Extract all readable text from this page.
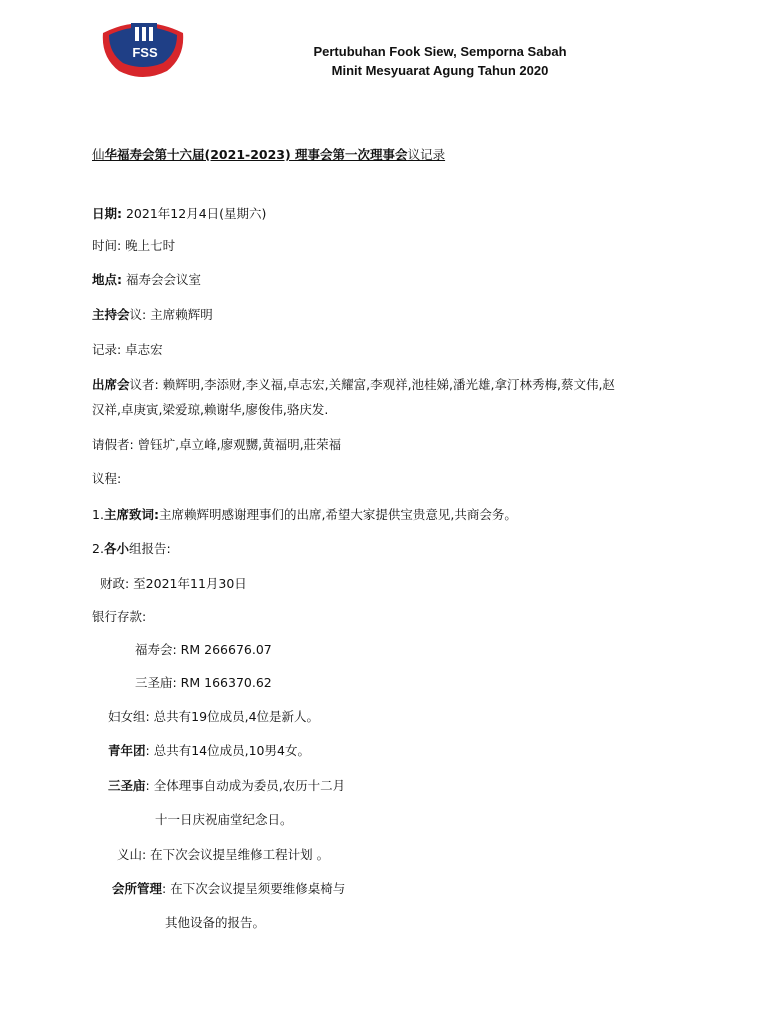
FSS	Pertubuhan Fook Siew, Semporna Sabah
Minit Mesyuarat Agung Tahun 2020
仙华福寿会第十六届(2021-2023) 理事会第一次理事会议记录
日期: 2021年12月4日(星期六)
时间: 晚上七时
地点: 福寿会会议室
主持会议: 主席赖辉明
记录: 卓志宏
出席会议者: 赖辉明,李添财,李义福,卓志宏,关耀富,李观祥,池桂娣,潘光雄,拿汀林秀梅,蔡文伟,赵
汉祥,卓庚寅,梁爱琼,赖谢华,廖俊伟,骆庆发.
请假者: 曾钰圹,卓立峰,廖观嬲,黄福明,莊荣福
议程:
1.主席致词:主席赖辉明感谢理事们的出席,希望大家提供宝贵意见,共商会务。
2.各小组报告:
财政: 至2021年11月30日
银行存款:
福寿会: RM 266676.07
三圣庙: RM 166370.62
妇女组: 总共有19位成员,4位是新人。
青年团: 总共有14位成员,10男4女。
三圣庙: 全体理事自动成为委员,农历十二月
十一日庆祝庙堂纪念日。
义山: 在下次会议提呈维修工程计划 。
会所管理: 在下次会议提呈须要维修桌椅与
其他设备的报告。
